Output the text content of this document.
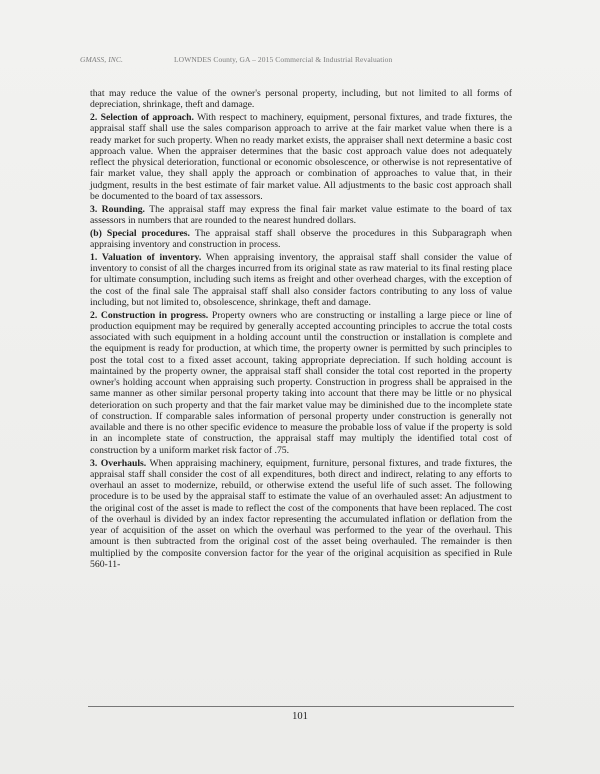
GMASS, INC.	LOWNDES County, GA – 2015 Commercial & Industrial Revaluation

that may reduce the value of the owner's personal property, including, but not limited to all forms of depreciation, shrinkage, theft and damage.

2. Selection of approach. With respect to machinery, equipment, personal fixtures, and trade fixtures, the appraisal staff shall use the sales comparison approach to arrive at the fair market value when there is a ready market for such property. When no ready market exists, the appraiser shall next determine a basic cost approach value. When the appraiser determines that the basic cost approach value does not adequately reflect the physical deterioration, functional or economic obsolescence, or otherwise is not representative of fair market value, they shall apply the approach or combination of approaches to value that, in their judgment, results in the best estimate of fair market value. All adjustments to the basic cost approach shall be documented to the board of tax assessors.

3. Rounding. The appraisal staff may express the final fair market value estimate to the board of tax assessors in numbers that are rounded to the nearest hundred dollars.

(b) Special procedures. The appraisal staff shall observe the procedures in this Subparagraph when appraising inventory and construction in process.

1. Valuation of inventory. When appraising inventory, the appraisal staff shall consider the value of inventory to consist of all the charges incurred from its original state as raw material to its final resting place for ultimate consumption, including such items as freight and other overhead charges, with the exception of the cost of the final sale The appraisal staff shall also consider factors contributing to any loss of value including, but not limited to, obsolescence, shrinkage, theft and damage.

2. Construction in progress. Property owners who are constructing or installing a large piece or line of production equipment may be required by generally accepted accounting principles to accrue the total costs associated with such equipment in a holding account until the construction or installation is complete and the equipment is ready for production, at which time, the property owner is permitted by such principles to post the total cost to a fixed asset account, taking appropriate depreciation. If such holding account is maintained by the property owner, the appraisal staff shall consider the total cost reported in the property owner's holding account when appraising such property. Construction in progress shall be appraised in the same manner as other similar personal property taking into account that there may be little or no physical deterioration on such property and that the fair market value may be diminished due to the incomplete state of construction. If comparable sales information of personal property under construction is generally not available and there is no other specific evidence to measure the probable loss of value if the property is sold in an incomplete state of construction, the appraisal staff may multiply the identified total cost of construction by a uniform market risk factor of .75.

3. Overhauls. When appraising machinery, equipment, furniture, personal fixtures, and trade fixtures, the appraisal staff shall consider the cost of all expenditures, both direct and indirect, relating to any efforts to overhaul an asset to modernize, rebuild, or otherwise extend the useful life of such asset. The following procedure is to be used by the appraisal staff to estimate the value of an overhauled asset: An adjustment to the original cost of the asset is made to reflect the cost of the components that have been replaced. The cost of the overhaul is divided by an index factor representing the accumulated inflation or deflation from the year of acquisition of the asset on which the overhaul was performed to the year of the overhaul. This amount is then subtracted from the original cost of the asset being overhauled. The remainder is then multiplied by the composite conversion factor for the year of the original acquisition as specified in Rule 560-11-

101
